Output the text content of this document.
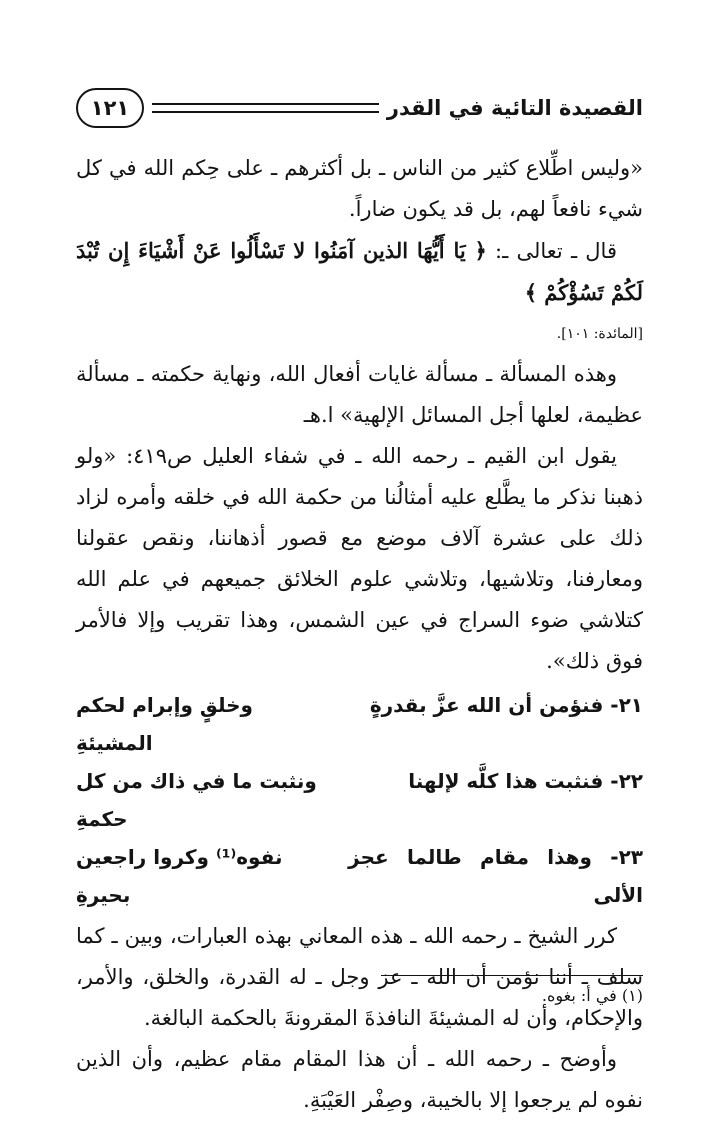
القصيدة التائية في القدر
١٢١

«وليس اطِّلاع كثير من الناس ـ بل أكثرهم ـ على حِكم الله في كل شيء نافعاً لهم، بل قد يكون ضاراً.

قال ـ تعالى ـ: ﴿ يَا أَيُّهَا الذين آمَنُوا لا تَسْأَلُوا عَنْ أَشْيَاءَ إِن تُبْدَ لَكُمْ تَسُؤْكُمْ ﴾

[المائدة: ١٠١].

وهذه المسألة ـ مسألة غايات أفعال الله، ونهاية حكمته ـ مسألة عظيمة، لعلها أجل المسائل الإلهية» ا.هـ

يقول ابن القيم ـ رحمه الله ـ في شفاء العليل ص٤١٩: «ولو ذهبنا نذكر ما يطَّلع عليه أمثالُنا من حكمة الله في خلقه وأمره لزاد ذلك على عشرة آلاف موضع مع قصور أذهاننا، ونقص عقولنا ومعارفنا، وتلاشيها، وتلاشي علوم الخلائق جميعهم في علم الله كتلاشي ضوء السراج في عين الشمس، وهذا تقريب وإلا فالأمر فوق ذلك».

٢١- فنؤمن أن الله عزَّ بقدرةٍ
وخلقٍ وإبرام لحكم المشيئةِ
٢٢- فنثبت هذا كلَّه لإلهنا
ونثبت ما في ذاك من كل حكمةِ
٢٣- وهذا مقام طالما عجز الألى
نفوه⁽¹⁾ وكروا راجعين بحيرةِ

كرر الشيخ ـ رحمه الله ـ هذه المعاني بهذه العبارات، وبين ـ كما سلف ـ أننا نؤمن أن الله ـ عز وجل ـ له القدرة، والخلق، والأمر، والإحكام، وأن له المشيئةَ النافذةَ المقرونةَ بالحكمة البالغة.

وأوضح ـ رحمه الله ـ أن هذا المقام مقام عظيم، وأن الذين نفوه لم يرجعوا إلا بالخيبة، وصِفْر العَيْبَةِ.

(١) في أ: بغوه.
